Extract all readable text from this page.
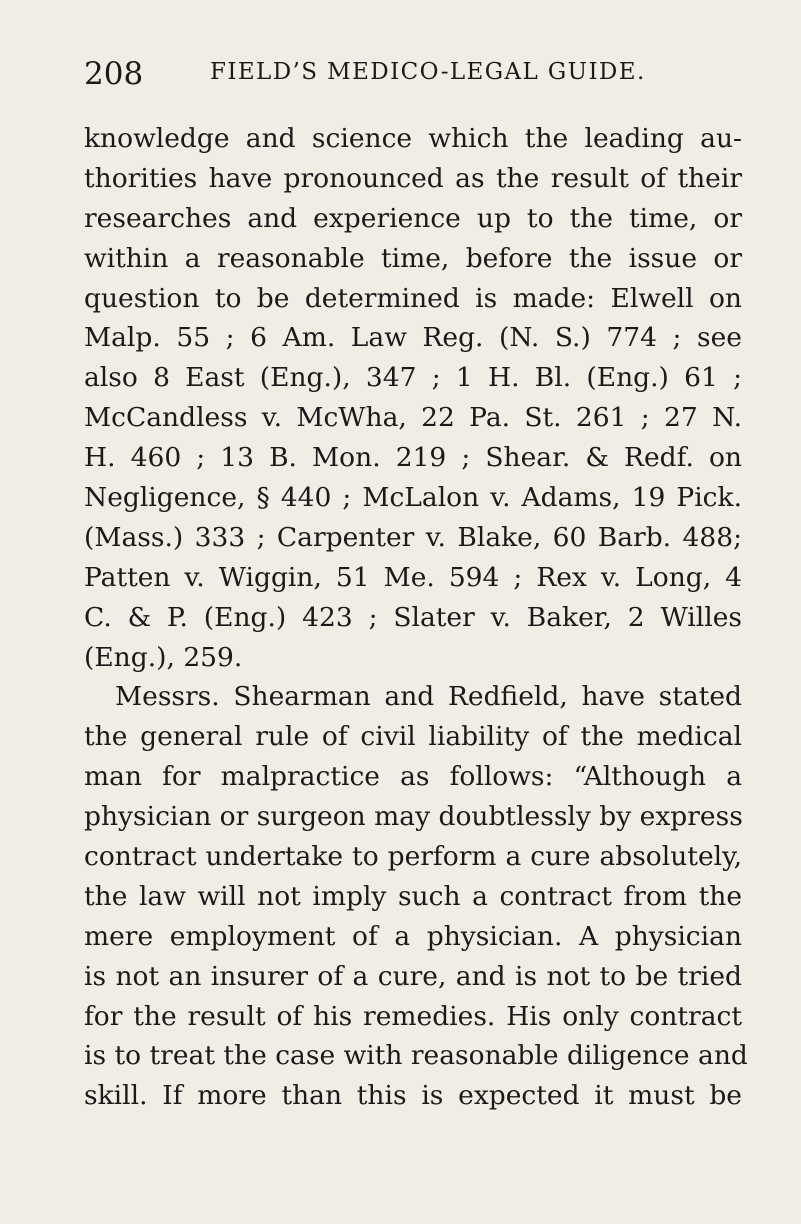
208	FIELD’S MEDICO-LEGAL GUIDE.
knowledge and science which the leading au-
thorities have pronounced as the result of their
researches and experience up to the time, or
within a reasonable time, before the issue or
question to be determined is made: Elwell on
Malp. 55 ; 6 Am. Law Reg. (N. S.) 774 ; see
also 8 East (Eng.), 347 ; 1 H. Bl. (Eng.) 61 ;
McCandless v. McWha, 22 Pa. St. 261 ; 27 N.
H. 460 ; 13 B. Mon. 219 ; Shear. & Redf. on
Negligence, § 440 ; McLalon v. Adams, 19 Pick.
(Mass.) 333 ; Carpenter v. Blake, 60 Barb. 488;
Patten v. Wiggin, 51 Me. 594 ; Rex v. Long, 4
C. & P. (Eng.) 423 ; Slater v. Baker, 2 Willes
(Eng.), 259.
Messrs. Shearman and Redfield, have stated
the general rule of civil liability of the medical
man for malpractice as follows: “Although a
physician or surgeon may doubtlessly by express
contract undertake to perform a cure absolutely,
the law will not imply such a contract from the
mere employment of a physician. A physician
is not an insurer of a cure, and is not to be tried
for the result of his remedies. His only contract
is to treat the case with reasonable diligence and
skill. If more than this is expected it must be
